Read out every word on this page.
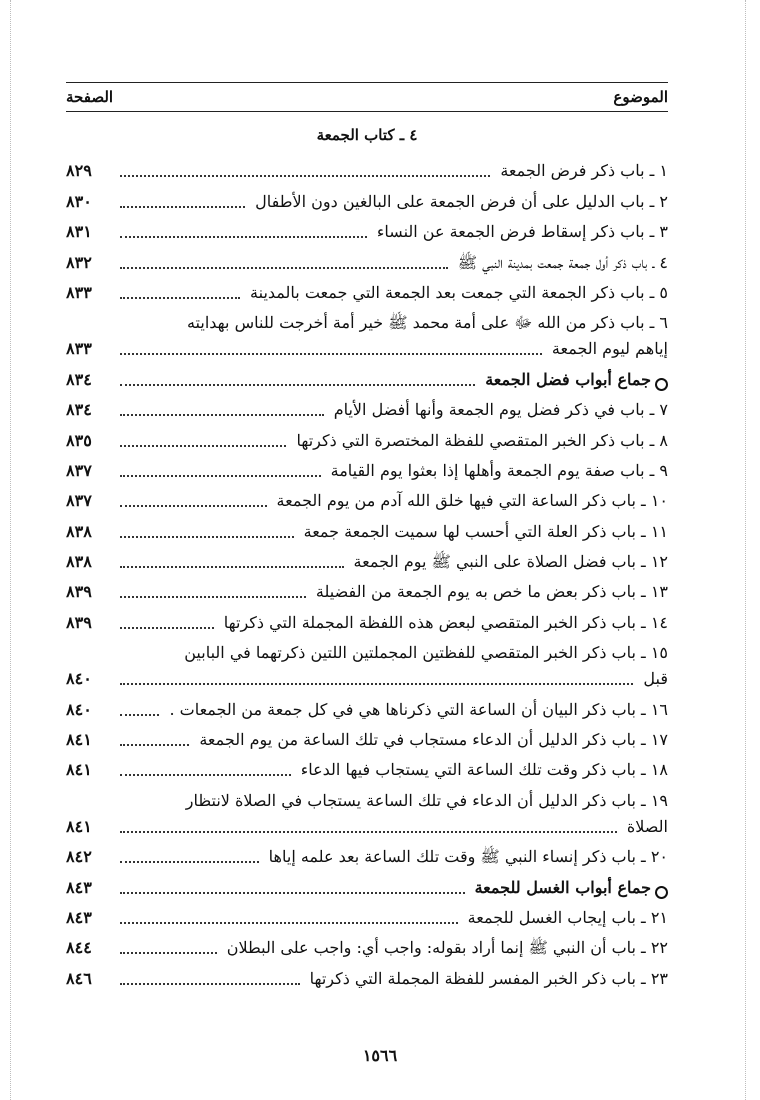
الصفحة	الموضوع
٤ ـ كتاب الجمعة
١ ـ باب ذكر فرض الجمعة
٨٢٩
٢ ـ باب الدليل على أن فرض الجمعة على البالغين دون الأطفال
٨٣٠
٣ ـ باب ذكر إسقاط فرض الجمعة عن النساء
٨٣١
٤ ـ باب ذكر أول جمعة جمعت بمدينة النبي ﷺ
٨٣٢
٥ ـ باب ذكر الجمعة التي جمعت بعد الجمعة التي جمعت بالمدينة
٨٣٣
٦ ـ باب ذكر من الله ﷻ على أمة محمد ﷺ خير أمة أخرجت للناس بهدايته
إياهم ليوم الجمعة
٨٣٣
جماع أبواب فضل الجمعة
٨٣٤
٧ ـ باب في ذكر فضل يوم الجمعة وأنها أفضل الأيام
٨٣٤
٨ ـ باب ذكر الخبر المتقصي للفظة المختصرة التي ذكرتها
٨٣٥
٩ ـ باب صفة يوم الجمعة وأهلها إذا بعثوا يوم القيامة
٨٣٧
١٠ ـ باب ذكر الساعة التي فيها خلق الله آدم من يوم الجمعة
٨٣٧
١١ ـ باب ذكر العلة التي أحسب لها سميت الجمعة جمعة
٨٣٨
١٢ ـ باب فضل الصلاة على النبي ﷺ يوم الجمعة
٨٣٨
١٣ ـ باب ذكر بعض ما خص به يوم الجمعة من الفضيلة
٨٣٩
١٤ ـ باب ذكر الخبر المتقصي لبعض هذه اللفظة المجملة التي ذكرتها
٨٣٩
١٥ ـ باب ذكر الخبر المتقصي للفظتين المجملتين اللتين ذكرتهما في البابين
قبل
٨٤٠
١٦ ـ باب ذكر البيان أن الساعة التي ذكرناها هي في كل جمعة من الجمعات .
٨٤٠
١٧ ـ باب ذكر الدليل أن الدعاء مستجاب في تلك الساعة من يوم الجمعة
٨٤١
١٨ ـ باب ذكر وقت تلك الساعة التي يستجاب فيها الدعاء
٨٤١
١٩ ـ باب ذكر الدليل أن الدعاء في تلك الساعة يستجاب في الصلاة لانتظار
الصلاة
٨٤١
٢٠ ـ باب ذكر إنساء النبي ﷺ وقت تلك الساعة بعد علمه إياها
٨٤٢
جماع أبواب الغسل للجمعة
٨٤٣
٢١ ـ باب إيجاب الغسل للجمعة
٨٤٣
٢٢ ـ باب أن النبي ﷺ إنما أراد بقوله: واجب أي: واجب على البطلان
٨٤٤
٢٣ ـ باب ذكر الخبر المفسر للفظة المجملة التي ذكرتها
٨٤٦
١٥٦٦
